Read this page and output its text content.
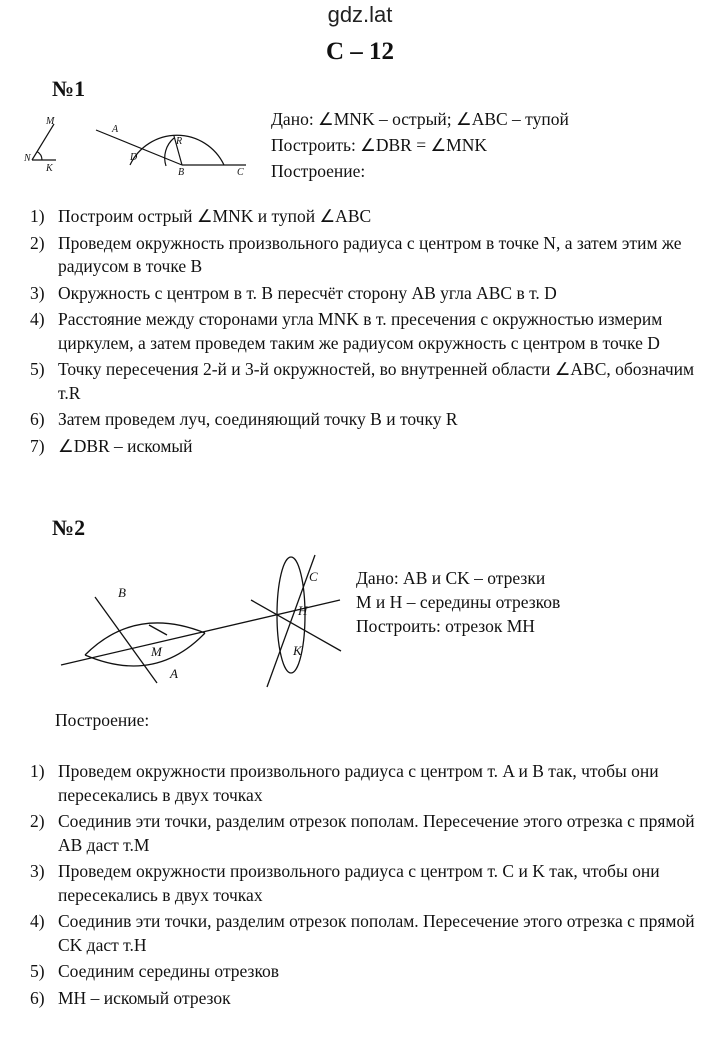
gdz.lat
С – 12
№1
M
N
K
A
D
R
B	C
Дано: ∠MNK – острый; ∠ABC – тупой
Построить: ∠DBR = ∠MNK
Построение:
1) Построим острый ∠MNK и тупой ∠ABC
2) Проведем окружность произвольного радиуса с центром в точке N, а затем этим же радиусом в точке B
3) Окружность с центром в т. B пересчёт сторону AB угла ABC в т. D
4) Расстояние между сторонами угла MNK в т. пресечения с окружностью измерим циркулем, а затем проведем таким же радиусом окружность с центром в точке D
5) Точку пересечения 2-й и 3-й окружностей, во внутренней области ∠ABC, обозначим т.R
6) Затем проведем луч, соединяющий точку B и точку R
7) ∠DBR – искомый
№2
B
M
A
C
H
K
Дано: AB и CK – отрезки
M и H – середины отрезков
Построить: отрезок MH
Построение:
1) Проведем окружности произвольного радиуса с центром т. A и B так, чтобы они пересекались в двух точках
2) Соединив эти точки, разделим отрезок пополам. Пересечение этого отрезка с прямой AB даст т.M
3) Проведем окружности произвольного радиуса с центром т. C и K так, чтобы они пересекались в двух точках
4) Соединив эти точки, разделим отрезок пополам. Пересечение этого отрезка с прямой CK даст т.H
5) Соединим середины отрезков
6) MH – искомый отрезок
